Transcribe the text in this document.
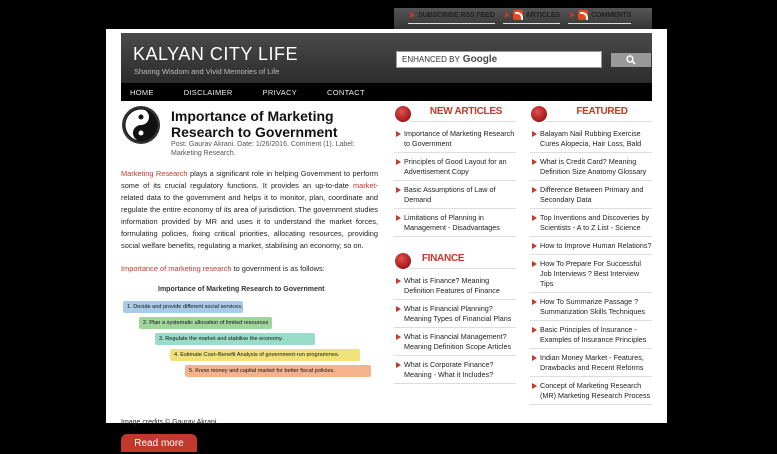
SUBSCRIBE RSS FEED	ARTICLES	COMMENTS
KALYAN CITY LIFE
Sharing Wisdom and Vivid Memories of Life
ENHANCED BY Google
HOME	DISCLAIMER	PRIVACY	CONTACT
Importance of Marketing Research to Government
Post: Gaurav Akrani. Date: 1/26/2016. Comment (1). Label: Marketing Research.
Marketing Research plays a significant role in helping Government to perform some of its crucial regulatory functions. It provides an up-to-date market-related data to the government and helps it to monitor, plan, coordinate and regulate the entire economy of its area of jurisdiction. The government studies information provided by MR and uses it to understand the market forces, formulating policies, fixing critical priorities, allocating resources, providing social welfare benefits, regulating a market, stabilising an economy, so on.
Importance of marketing research to government is as follows:
Importance of Marketing Research to Government
1. Decide and provide different social services.
2. Plan a systematic allocation of limited resources
3. Regulate the market and stabilise the economy.
4. Estimate Cost–Benefit Analysis of government-run programmes.
5. Know money and capital market for better fiscal policies.
Image credits © Gaurav Akrani.
Read more
NEW ARTICLES
Importance of Marketing Research to Government
Principles of Good Layout for an Advertisement Copy
Basic Assumptions of Law of Demand
Limitations of Planning in Management - Disadvantages
FINANCE
What is Finance? Meaning Definition Features of Finance
What is Financial Planning? Meaning Types of Financial Plans
What is Financial Management? Meaning Definition Scope Articles
What is Corporate Finance? Meaning - What it Includes?
FEATURED
Balayam Nail Rubbing Exercise Cures Alopecia, Hair Loss, Bald
What is Credit Card? Meaning Definition Size Anatomy Glossary
Difference Between Primary and Secondary Data
Top Inventions and Discoveries by Scientists - A to Z List - Science
How to Improve Human Relations?
How To Prepare For Successful Job Interviews ? Best Interview Tips
How To Summarize Passage ? Summarization Skills Techniques
Basic Principles of Insurance - Examples of Insurance Principles
Indian Money Market - Features, Drawbacks and Recent Reforms
Concept of Marketing Research (MR) Marketing Research Process
